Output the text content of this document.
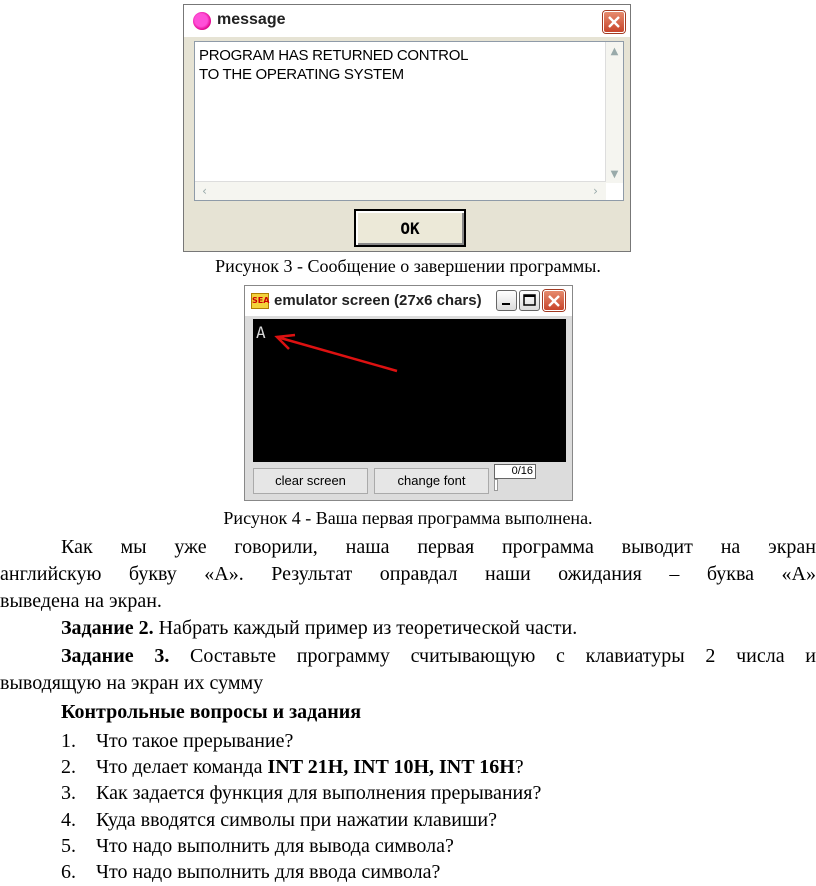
message
PROGRAM HAS RETURNED CONTROL
TO THE OPERATING SYSTEM
▲
▼
‹	›
OK
Рисунок 3 - Сообщение о завершении программы.
SEA emulator screen (27x6 chars)
A
clear screen	change font
0/16
Рисунок 4 - Ваша первая программа выполнена.
Как мы уже говорили, наша первая программа выводит на экран
английскую букву «А». Результат оправдал наши ожидания – буква «А»
выведена на экран.
Задание 2. Набрать каждый пример из теоретической части.
Задание 3. Составьте программу считывающую с клавиатуры 2 числа и
выводящую на экран их сумму
Контрольные вопросы и задания
1. Что такое прерывание?
2. Что делает команда INT 21H, INT 10H, INT 16H?
3. Как задается функция для выполнения прерывания?
4. Куда вводятся символы при нажатии клавиши?
5. Что надо выполнить для вывода символа?
6. Что надо выполнить для ввода символа?
